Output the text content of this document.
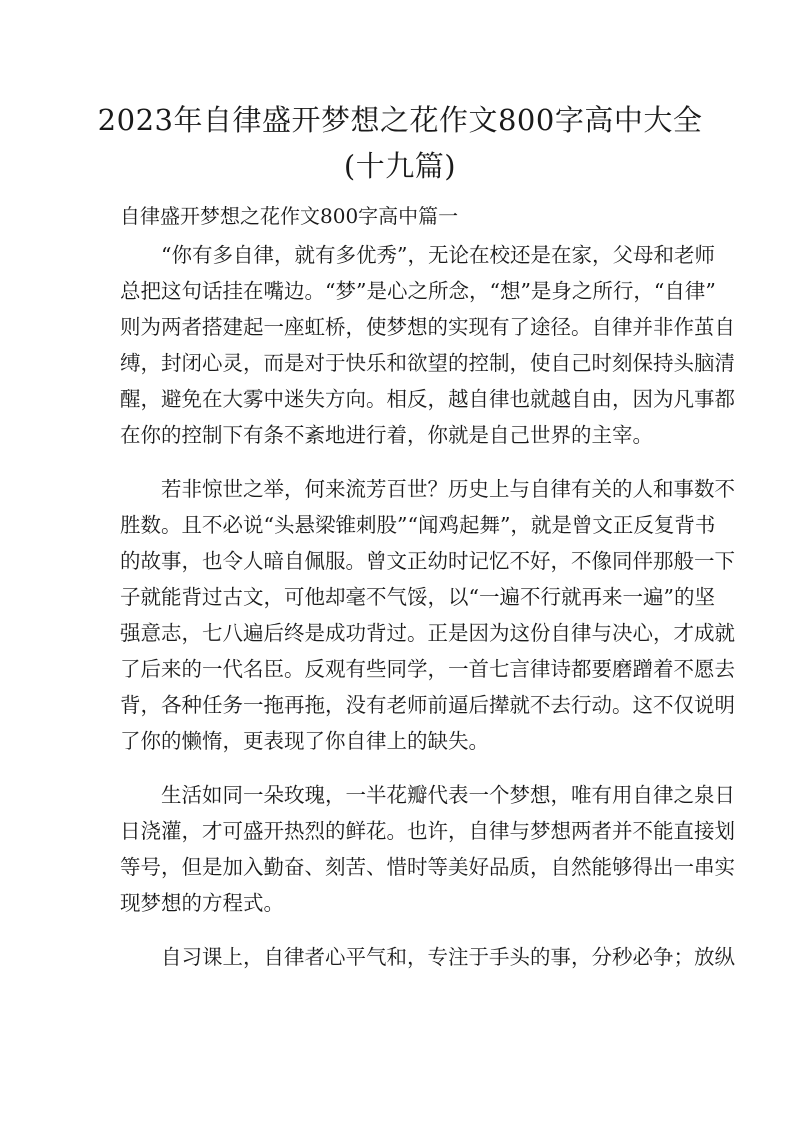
2023年自律盛开梦想之花作文800字高中大全
(十九篇)
自律盛开梦想之花作文800字高中篇一
“你有多自律，就有多优秀”，无论在校还是在家，父母和老师
总把这句话挂在嘴边。“梦”是心之所念，“想”是身之所行，“自律”
则为两者搭建起一座虹桥，使梦想的实现有了途径。自律并非作茧自
缚，封闭心灵，而是对于快乐和欲望的控制，使自己时刻保持头脑清
醒，避免在大雾中迷失方向。相反，越自律也就越自由，因为凡事都
在你的控制下有条不紊地进行着，你就是自己世界的主宰。
若非惊世之举，何来流芳百世？历史上与自律有关的人和事数不
胜数。且不必说“头悬梁锥刺股”“闻鸡起舞”，就是曾文正反复背书
的故事，也令人暗自佩服。曾文正幼时记忆不好，不像同伴那般一下
子就能背过古文，可他却毫不气馁，以“一遍不行就再来一遍”的坚
强意志，七八遍后终是成功背过。正是因为这份自律与决心，才成就
了后来的一代名臣。反观有些同学，一首七言律诗都要磨蹭着不愿去
背，各种任务一拖再拖，没有老师前逼后撵就不去行动。这不仅说明
了你的懒惰，更表现了你自律上的缺失。
生活如同一朵玫瑰，一半花瓣代表一个梦想，唯有用自律之泉日
日浇灌，才可盛开热烈的鲜花。也许，自律与梦想两者并不能直接划
等号，但是加入勤奋、刻苦、惜时等美好品质，自然能够得出一串实
现梦想的方程式。
自习课上，自律者心平气和，专注于手头的事，分秒必争；放纵
